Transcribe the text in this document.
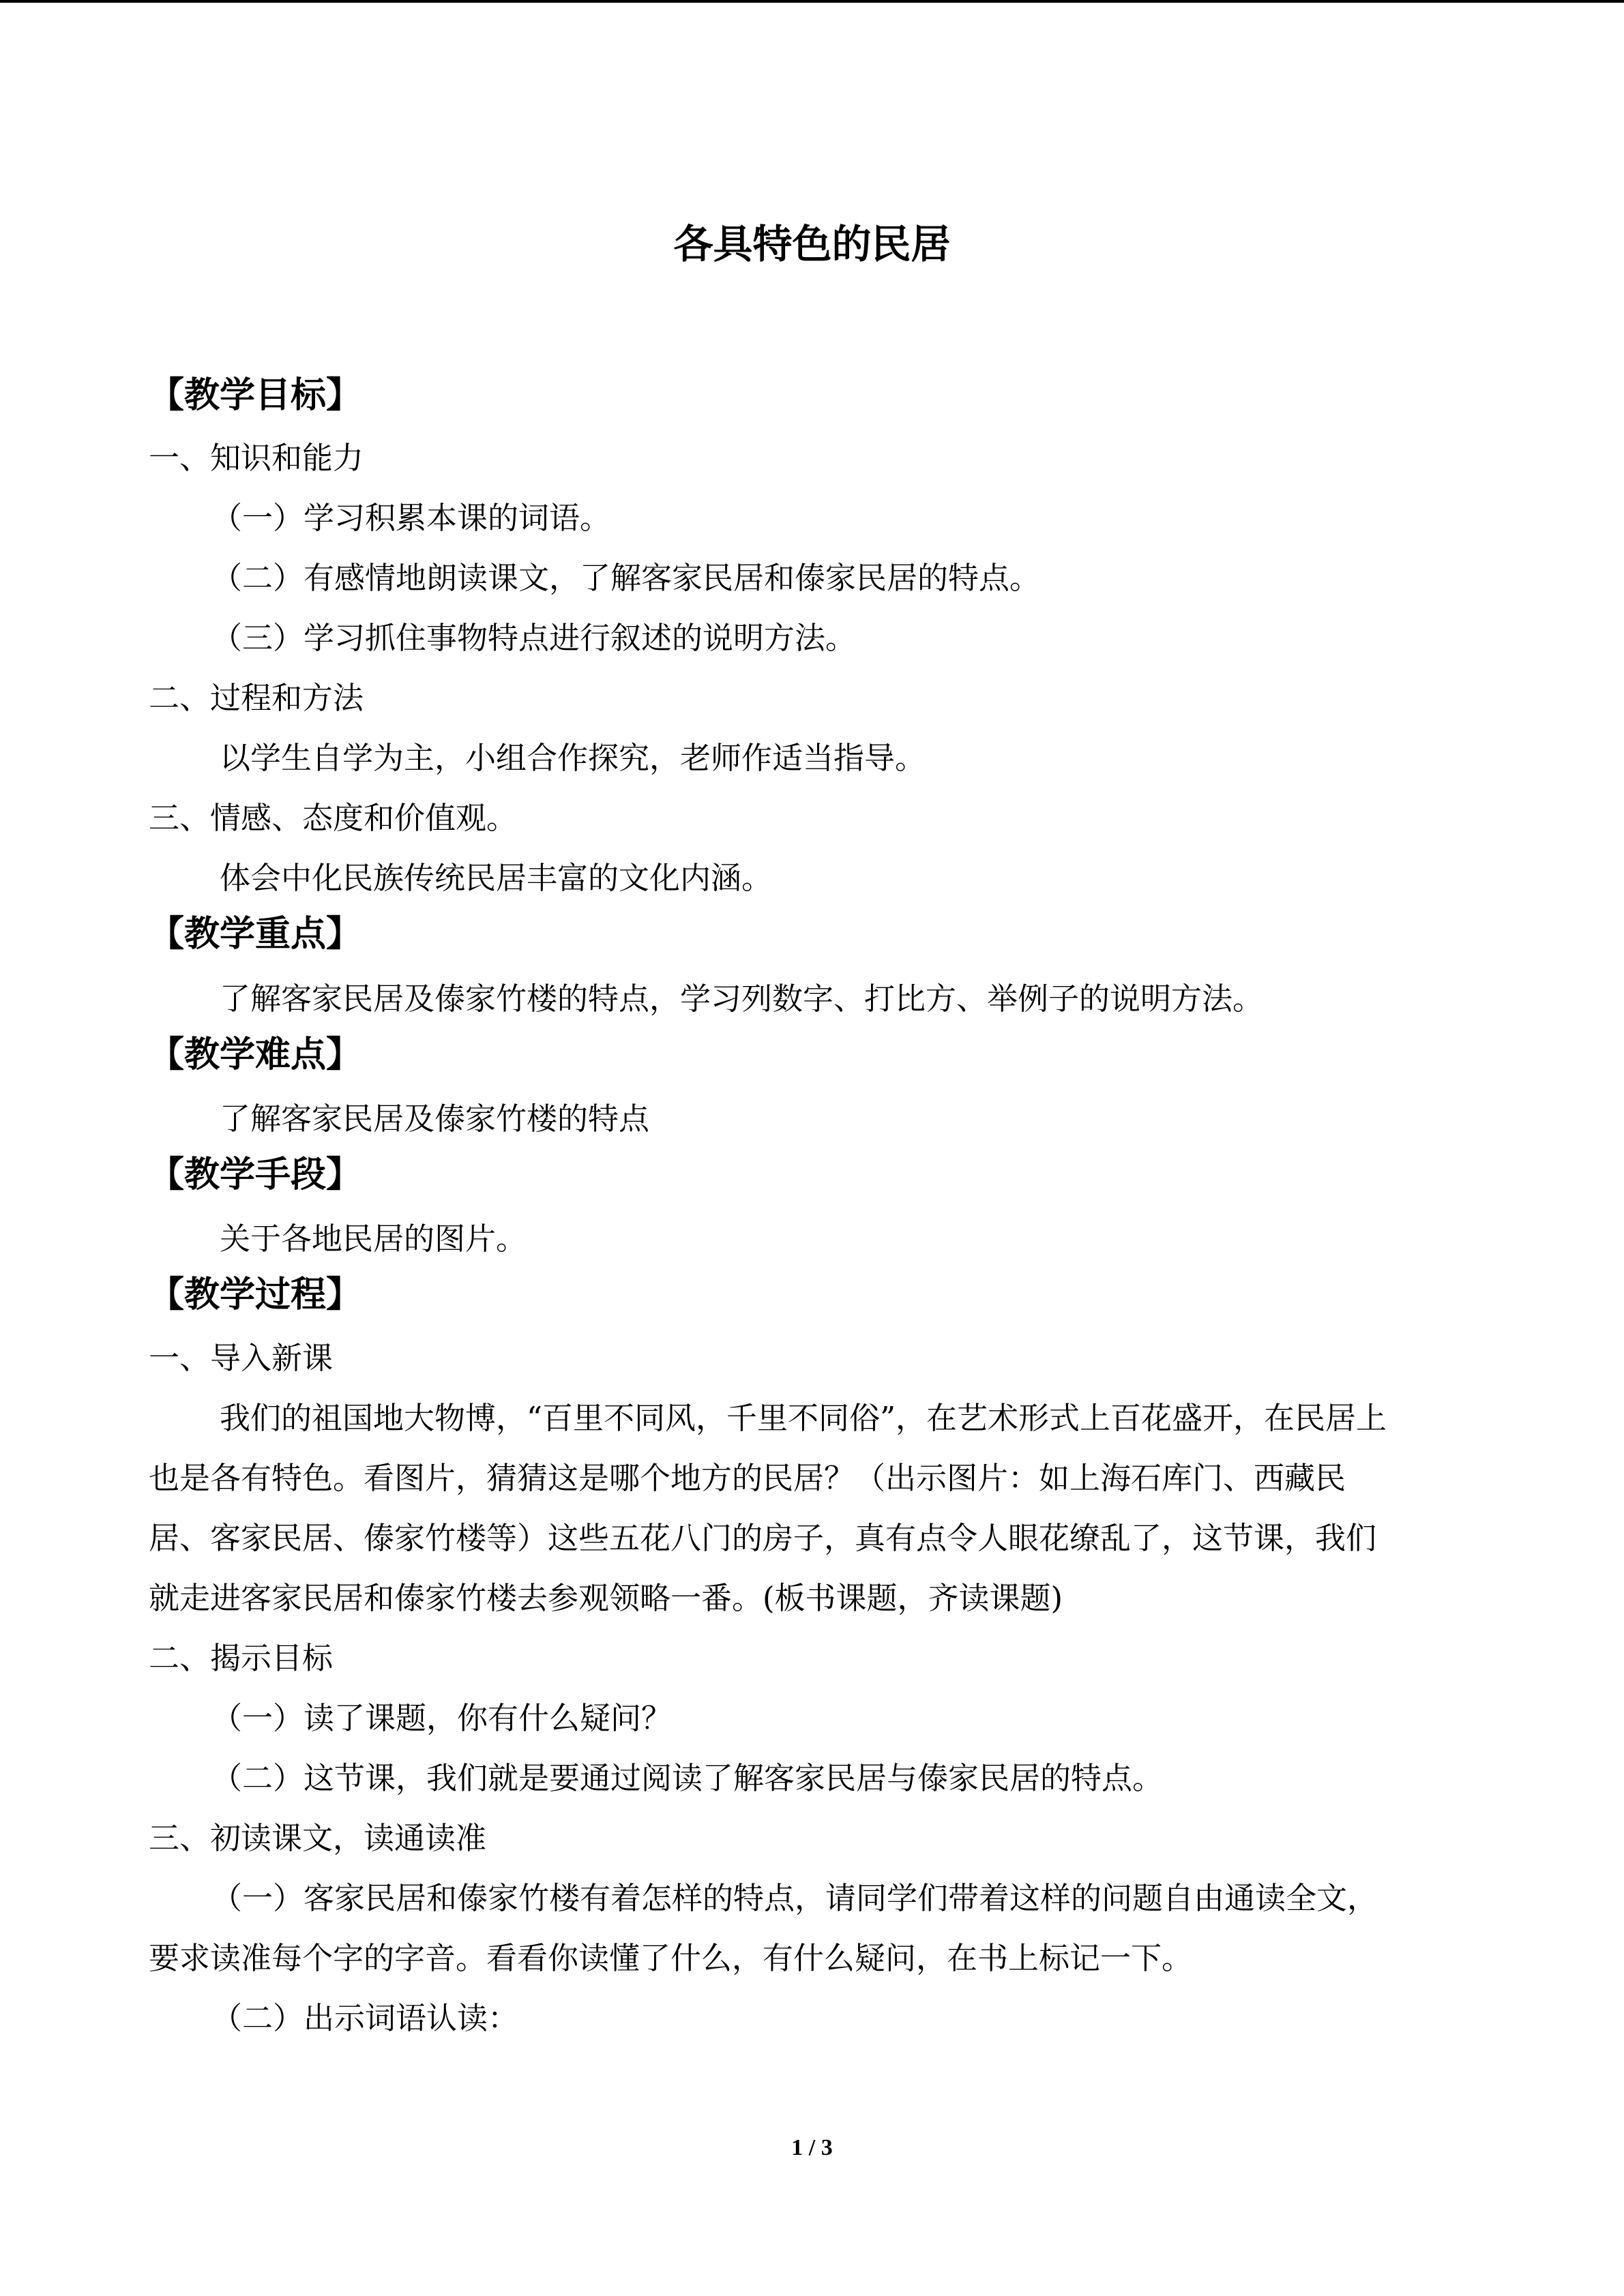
各具特色的民居
【教学目标】
一、知识和能力
（一）学习积累本课的词语。
（二）有感情地朗读课文，了解客家民居和傣家民居的特点。
（三）学习抓住事物特点进行叙述的说明方法。
二、过程和方法
以学生自学为主，小组合作探究，老师作适当指导。
三、情感、态度和价值观。
体会中化民族传统民居丰富的文化内涵。
【教学重点】
了解客家民居及傣家竹楼的特点，学习列数字、打比方、举例子的说明方法。
【教学难点】
了解客家民居及傣家竹楼的特点
【教学手段】
关于各地民居的图片。
【教学过程】
一、导入新课
我们的祖国地大物博，“百里不同风，千里不同俗”，在艺术形式上百花盛开，在民居上
也是各有特色。看图片，猜猜这是哪个地方的民居？（出示图片：如上海石库门、西藏民
居、客家民居、傣家竹楼等）这些五花八门的房子，真有点令人眼花缭乱了，这节课，我们
就走进客家民居和傣家竹楼去参观领略一番。(板书课题，齐读课题)
二、揭示目标
（一）读了课题，你有什么疑问？
（二）这节课，我们就是要通过阅读了解客家民居与傣家民居的特点。
三、初读课文，读通读准
（一）客家民居和傣家竹楼有着怎样的特点，请同学们带着这样的问题自由通读全文，
要求读准每个字的字音。看看你读懂了什么，有什么疑问，在书上标记一下。
（二）出示词语认读：
1 / 3
